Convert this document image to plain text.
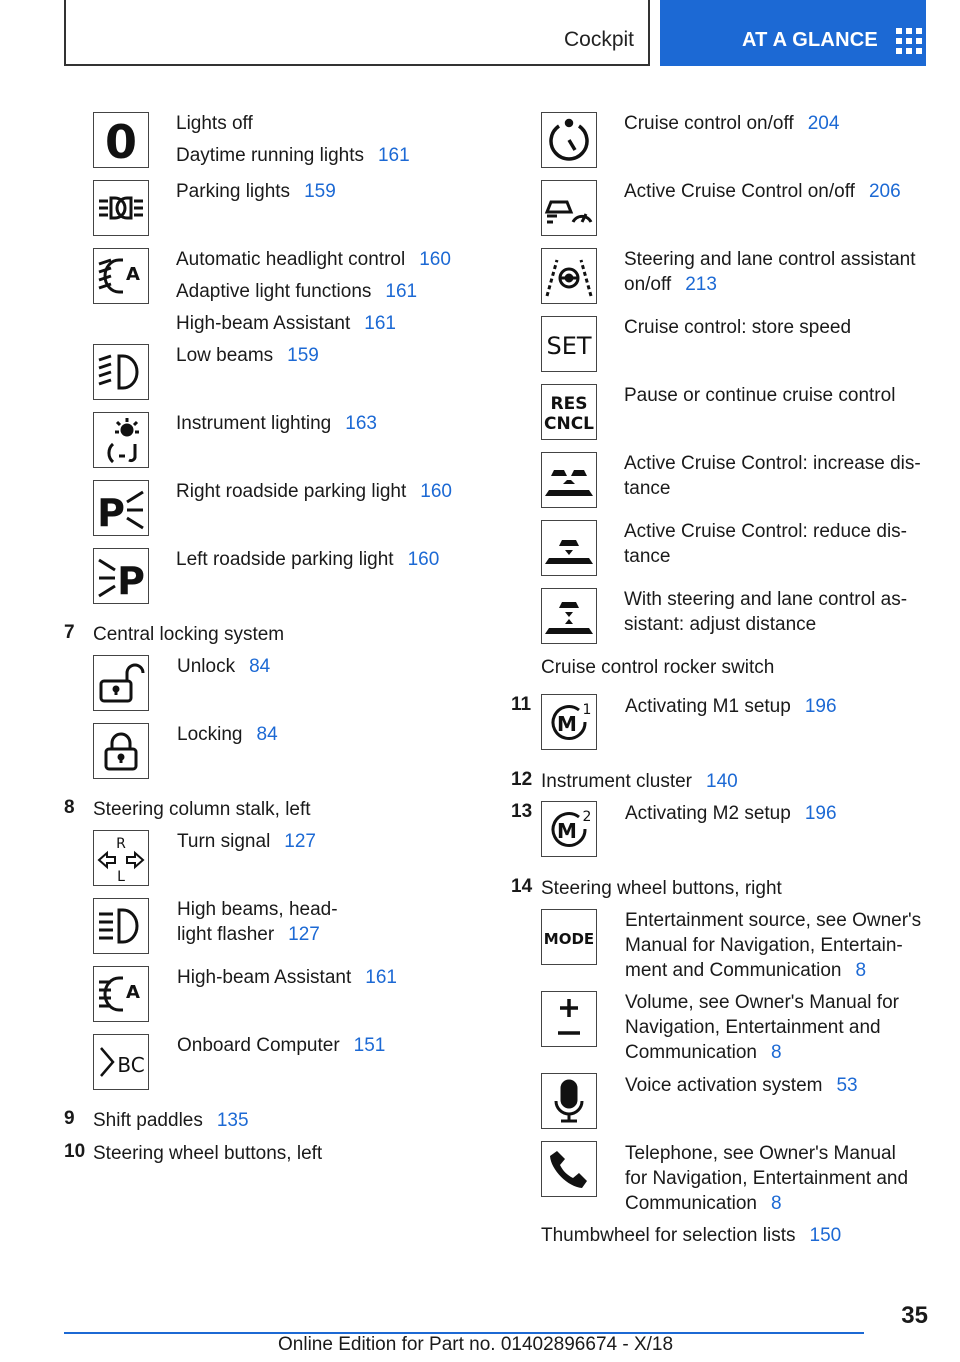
Cockpit	AT A GLANCE
0 Lights off
Daytime running lights 161
Parking lights 159
A
Automatic headlight control 160
Adaptive light functions 161
High-beam Assistant 161
Low beams 159
Instrument lighting 163
P	Right roadside parking light 160
P Left roadside parking light 160
7 Central locking system
Unlock 84
Locking 84
8 Steering column stalk, left
R
L
Turn signal 127
High beams, head-
light flasher 127
A
High-beam Assistant 161
BC
Onboard Computer 151
9 Shift paddles 135
10 Steering wheel buttons, left
Cruise control on/off 204
Active Cruise Control on/off 206
Steering and lane control assistant
on/off 213
SET
Cruise control: store speed
RES
CNCL
Pause or continue cruise control
Active Cruise Control: increase dis-
tance
Active Cruise Control: reduce dis-
tance
With steering and lane control as-
sistant: adjust distance
Cruise control rocker switch
11
M
1 Activating M1 setup 196
12 Instrument cluster 140
13
M
2 Activating M2 setup 196
14 Steering wheel buttons, right
MODE
Entertainment source, see Owner's
Manual for Navigation, Entertain-
ment and Communication 8
Volume, see Owner's Manual for
Navigation, Entertainment and
Communication 8
Voice activation system 53
Telephone, see Owner's Manual
for Navigation, Entertainment and
Communication 8
Thumbwheel for selection lists 150
35
Online Edition for Part no. 01402896674 - X/18
